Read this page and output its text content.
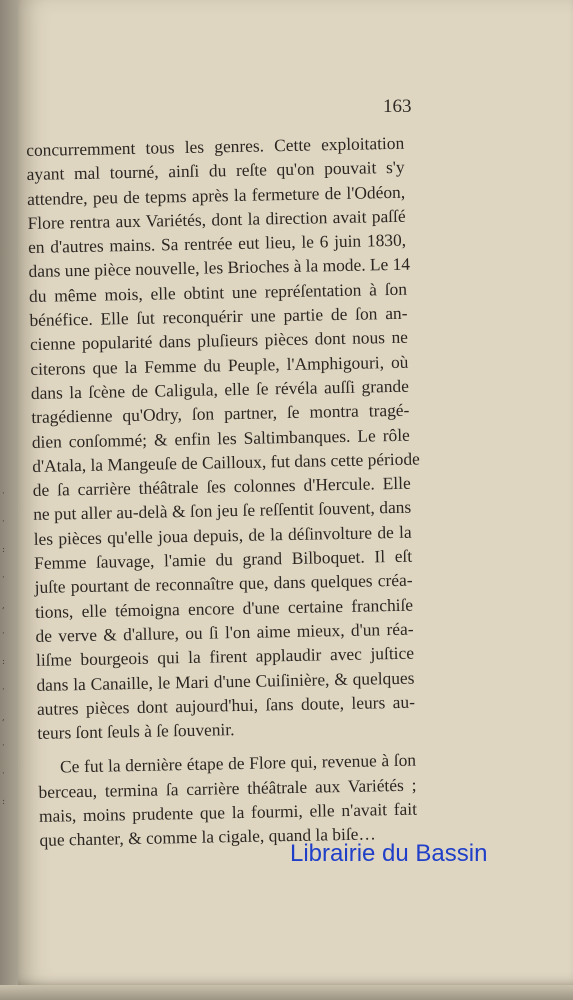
·
·
:
·
,
·
:
·
,
·
·
:
163
concurremment tous les genres. Cette exploitation
ayant mal tourné, ainſi du reſte qu'on pouvait s'y
attendre, peu de tepms après la fermeture de l'Odéon,
Flore rentra aux Variétés, dont la direction avait paſſé
en d'autres mains. Sa rentrée eut lieu, le 6 juin 1830,
dans une pièce nouvelle, les Brioches à la mode. Le 14
du même mois, elle obtint une repréſentation à ſon
bénéfice. Elle ſut reconquérir une partie de ſon an-
cienne popularité dans pluſieurs pièces dont nous ne
citerons que la Femme du Peuple, l'Amphigouri, où
dans la ſcène de Caligula, elle ſe révéla auſſi grande
tragédienne qu'Odry, ſon partner, ſe montra tragé-
dien conſommé; & enfin les Saltimbanques. Le rôle
d'Atala, la Mangeuſe de Cailloux, fut dans cette période
de ſa carrière théâtrale ſes colonnes d'Hercule. Elle
ne put aller au-delà & ſon jeu ſe reſſentit ſouvent, dans
les pièces qu'elle joua depuis, de la déſinvolture de la
Femme ſauvage, l'amie du grand Bilboquet. Il eſt
juſte pourtant de reconnaître que, dans quelques créa-
tions, elle témoigna encore d'une certaine franchiſe
de verve & d'allure, ou ſi l'on aime mieux, d'un réa-
liſme bourgeois qui la firent applaudir avec juſtice
dans la Canaille, le Mari d'une Cuiſinière, & quelques
autres pièces dont aujourd'hui, ſans doute, leurs au-
teurs ſont ſeuls à ſe ſouvenir.
Ce fut la dernière étape de Flore qui, revenue à ſon
berceau, termina ſa carrière théâtrale aux Variétés ;
mais, moins prudente que la fourmi, elle n'avait fait
que chanter, & comme la cigale, quand la biſe…
Librairie du Bassin
